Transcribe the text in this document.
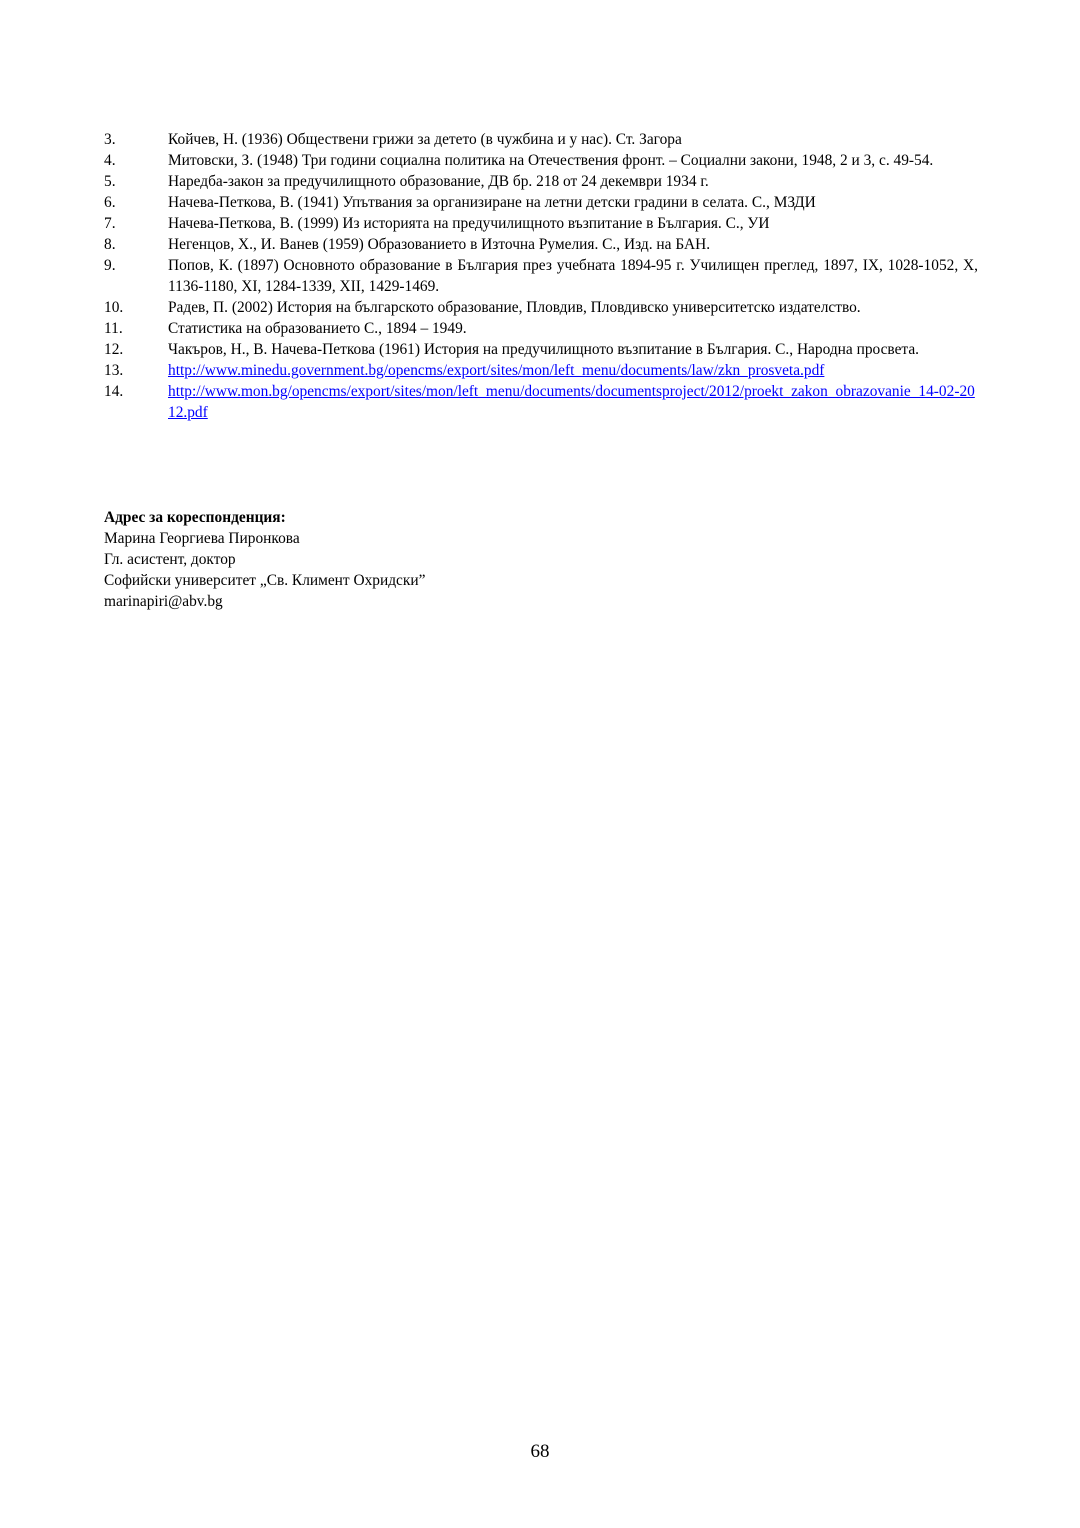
3.	Койчев, Н. (1936) Обществени грижи за детето (в чужбина и у нас). Ст. Загора
4.	Митовски, З. (1948) Три години социална политика на Отечествения фронт. – Социални закони, 1948, 2 и 3, с. 49-54.
5.	Наредба-закон за предучилищното образование, ДВ бр. 218 от 24 декември 1934 г.
6.	Начева-Петкова, В. (1941) Упътвания за организиране на летни детски градини в селата. С., МЗДИ
7.	Начева-Петкова, В. (1999) Из историята на предучилищното възпитание в България. С., УИ
8.	Негенцов, Х., И. Ванев (1959) Образованието в Източна Румелия. С., Изд. на БАН.
9.	Попов, К. (1897) Основното образование в България през учебната 1894-95 г. Училищен преглед, 1897, IX, 1028-1052, X, 1136-1180, XI, 1284-1339, XII, 1429-1469.
10.	Радев, П. (2002) История на българското образование, Пловдив, Пловдивско университетско издателство.
11.	Статистика на образованието С., 1894 – 1949.
12.	Чакъров, Н., В. Начева-Петкова (1961) История на предучилищното възпитание в България. С., Народна просвета.
13.	http://www.minedu.government.bg/opencms/export/sites/mon/left_menu/documents/law/zkn_prosveta.pdf
14.	http://www.mon.bg/opencms/export/sites/mon/left_menu/documents/documentsproject/2012/proekt_zakon_obrazovanie_14-02-2012.pdf
Адрес за кореспонденция:
Марина Георгиева Пиронкова
Гл. асистент, доктор
Софийски университет „Св. Климент Охридски”
marinapiri@abv.bg
68
